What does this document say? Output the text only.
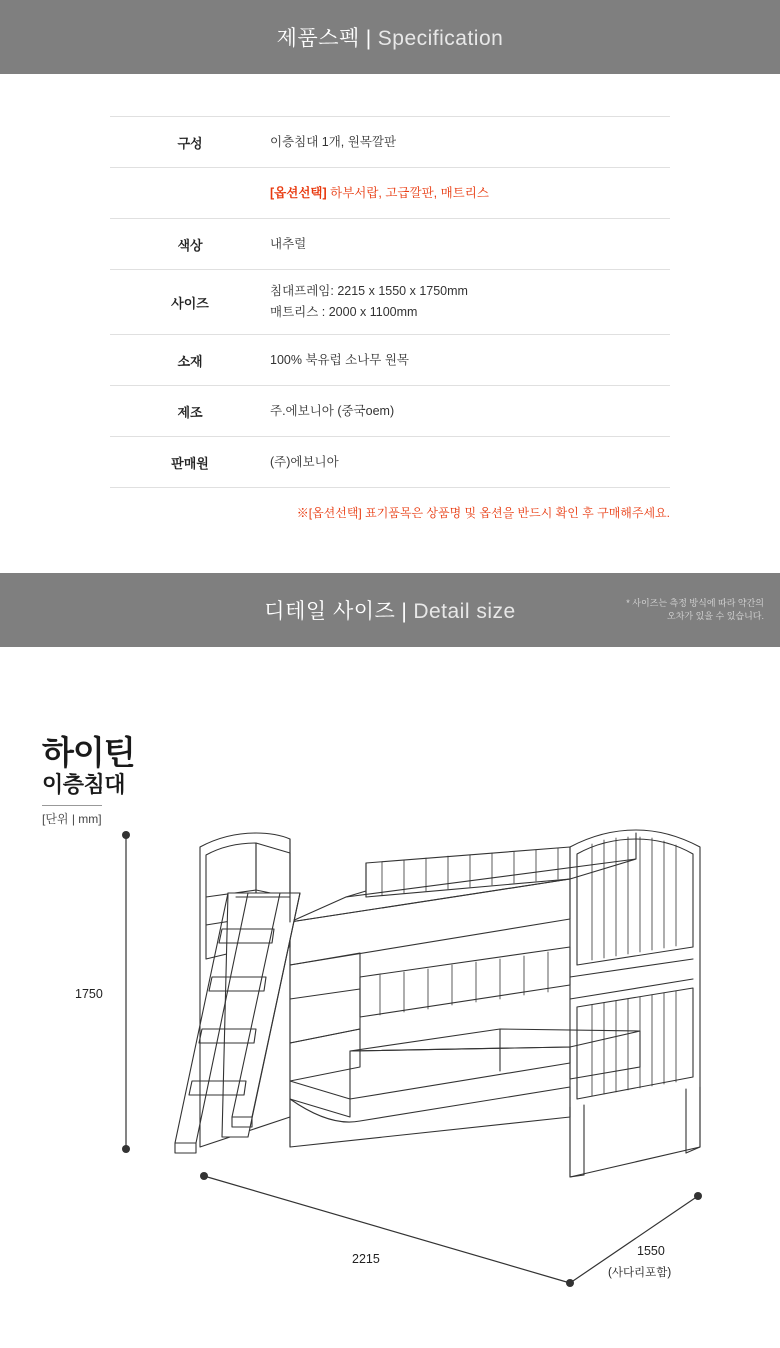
제품스펙 | Specification
구성	이층침대 1개, 원목깔판
	[옵션선택] 하부서랍, 고급깔판, 매트리스
색상	내추럴
사이즈	침대프레임: 2215 x 1550 x 1750mm
매트리스 : 2000 x 1100mm

소재	100% 북유럽 소나무 원목
제조	주.에보니아 (중국oem)
판매원	(주)에보니아
※[옵션선택] 표기품목은 상품명 및 옵션을 반드시 확인 후 구매해주세요.
디테일 사이즈 | Detail size	* 사이즈는 측정 방식에 따라 약간의
오차가 있을 수 있습니다.
하이틴
이층침대
[단위 | mm]
1750
2215
1550
(사다리포함)
